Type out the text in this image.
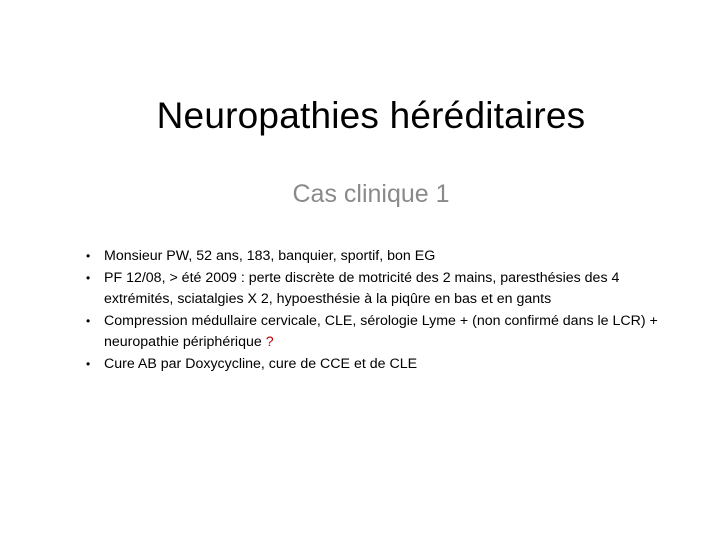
Neuropathies héréditaires
Cas clinique 1
• Monsieur PW, 52 ans, 183, banquier, sportif, bon EG
• PF 12/08, > été 2009 : perte discrète de motricité des 2 mains, paresthésies des 4 extrémités, sciatalgies X 2, hypoesthésie à la piqûre en bas et en gants
• Compression médullaire cervicale, CLE, sérologie Lyme + (non confirmé dans le LCR) + neuropathie périphérique ?
• Cure AB par Doxycycline, cure de CCE et de CLE
